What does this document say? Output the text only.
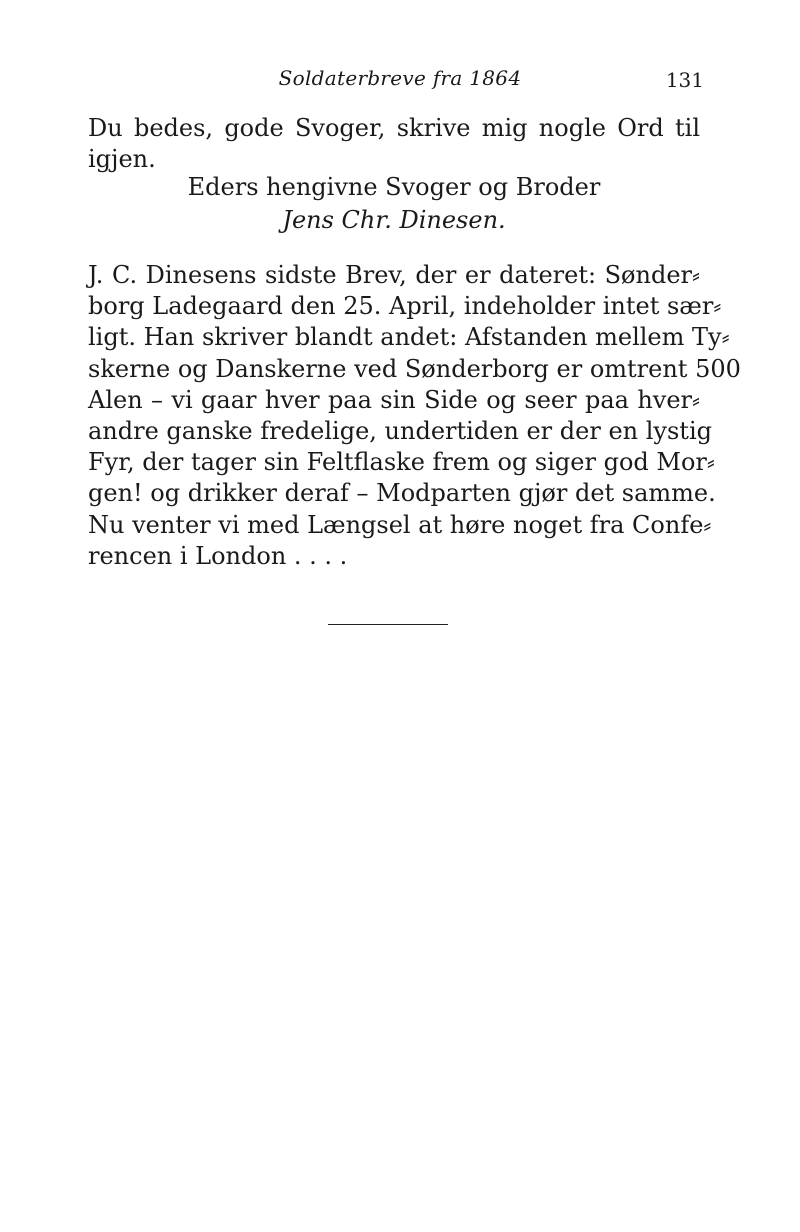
Soldaterbreve fra 1864	131
Du bedes, gode Svoger, skrive mig nogle Ord til
igjen.
Eders hengivne Svoger og Broder
Jens Chr. Dinesen.
J. C. Dinesens sidste Brev, der er dateret: Sønder⸗
borg Ladegaard den 25. April, indeholder intet sær⸗
ligt. Han skriver blandt andet: Afstanden mellem Ty⸗
skerne og Danskerne ved Sønderborg er omtrent 500
Alen – vi gaar hver paa sin Side og seer paa hver⸗
andre ganske fredelige, undertiden er der en lystig
Fyr, der tager sin Feltflaske frem og siger god Mor⸗
gen! og drikker deraf – Modparten gjør det samme.
Nu venter vi med Længsel at høre noget fra Confe⸗
rencen i London . . . .
